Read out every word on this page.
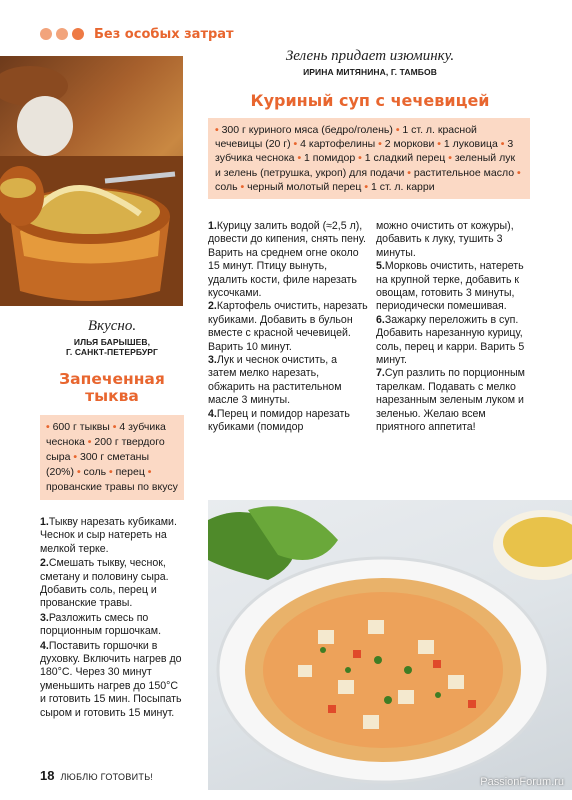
Без особых затрат
Вкусно.
ИЛЬЯ БАРЫШЕВ,
Г. САНКТ-ПЕТЕРБУРГ
Запеченная
тыква
• 600 г тыквы • 4 зубчика чеснока • 200 г твердого сыра • 300 г сметаны (20%) • соль • перец • прованские травы по вкусу
1.Тыкву нарезать кубиками. Чеснок и сыр натереть на мелкой терке.
2.Смешать тыкву, чеснок, сметану и половину сыра. Добавить соль, перец и прованские травы.
3.Разложить смесь по порционным горшочкам.
4.Поставить горшочки в духовку. Включить нагрев до 180°С. Через 30 минут уменьшить нагрев до 150°С и готовить 15 мин. Посыпать сыром и готовить 15 минут.
Зелень придает изюминку.
ИРИНА МИТЯНИНА, Г. ТАМБОВ
Куриный суп с чечевицей
• 300 г куриного мяса (бедро/голень) • 1 ст. л. красной чечевицы (20 г) • 4 картофелины • 2 моркови • 1 луковица • 3 зубчика чеснока • 1 помидор • 1 сладкий перец • зеленый лук и зелень (петрушка, укроп) для подачи • растительное масло • соль • черный молотый перец • 1 ст. л. карри
1.Курицу залить водой (≈2,5 л), довести до кипения, снять пену. Варить на среднем огне около 15 минут. Птицу вынуть, удалить кости, филе нарезать кусочками.
2.Картофель очистить, нарезать кубиками. Добавить в бульон вместе с красной чечевицей. Варить 10 минут.
3.Лук и чеснок очистить, а затем мелко нарезать, обжарить на растительном масле 3 минуты.
4.Перец и помидор нарезать кубиками (помидор
можно очистить от кожуры), добавить к луку, тушить 3 минуты.
5.Морковь очистить, натереть на крупной терке, добавить к овощам, готовить 3 минуты, периодически помешивая.
6.Зажарку переложить в суп. Добавить нарезанную курицу, соль, перец и карри. Варить 5 минут.
7.Суп разлить по порционным тарелкам. Подавать с мелко нарезанным зеленым луком и зеленью. Желаю всем приятного аппетита!
18 ЛЮБЛЮ ГОТОВИТЬ!	PassionForum.ru
